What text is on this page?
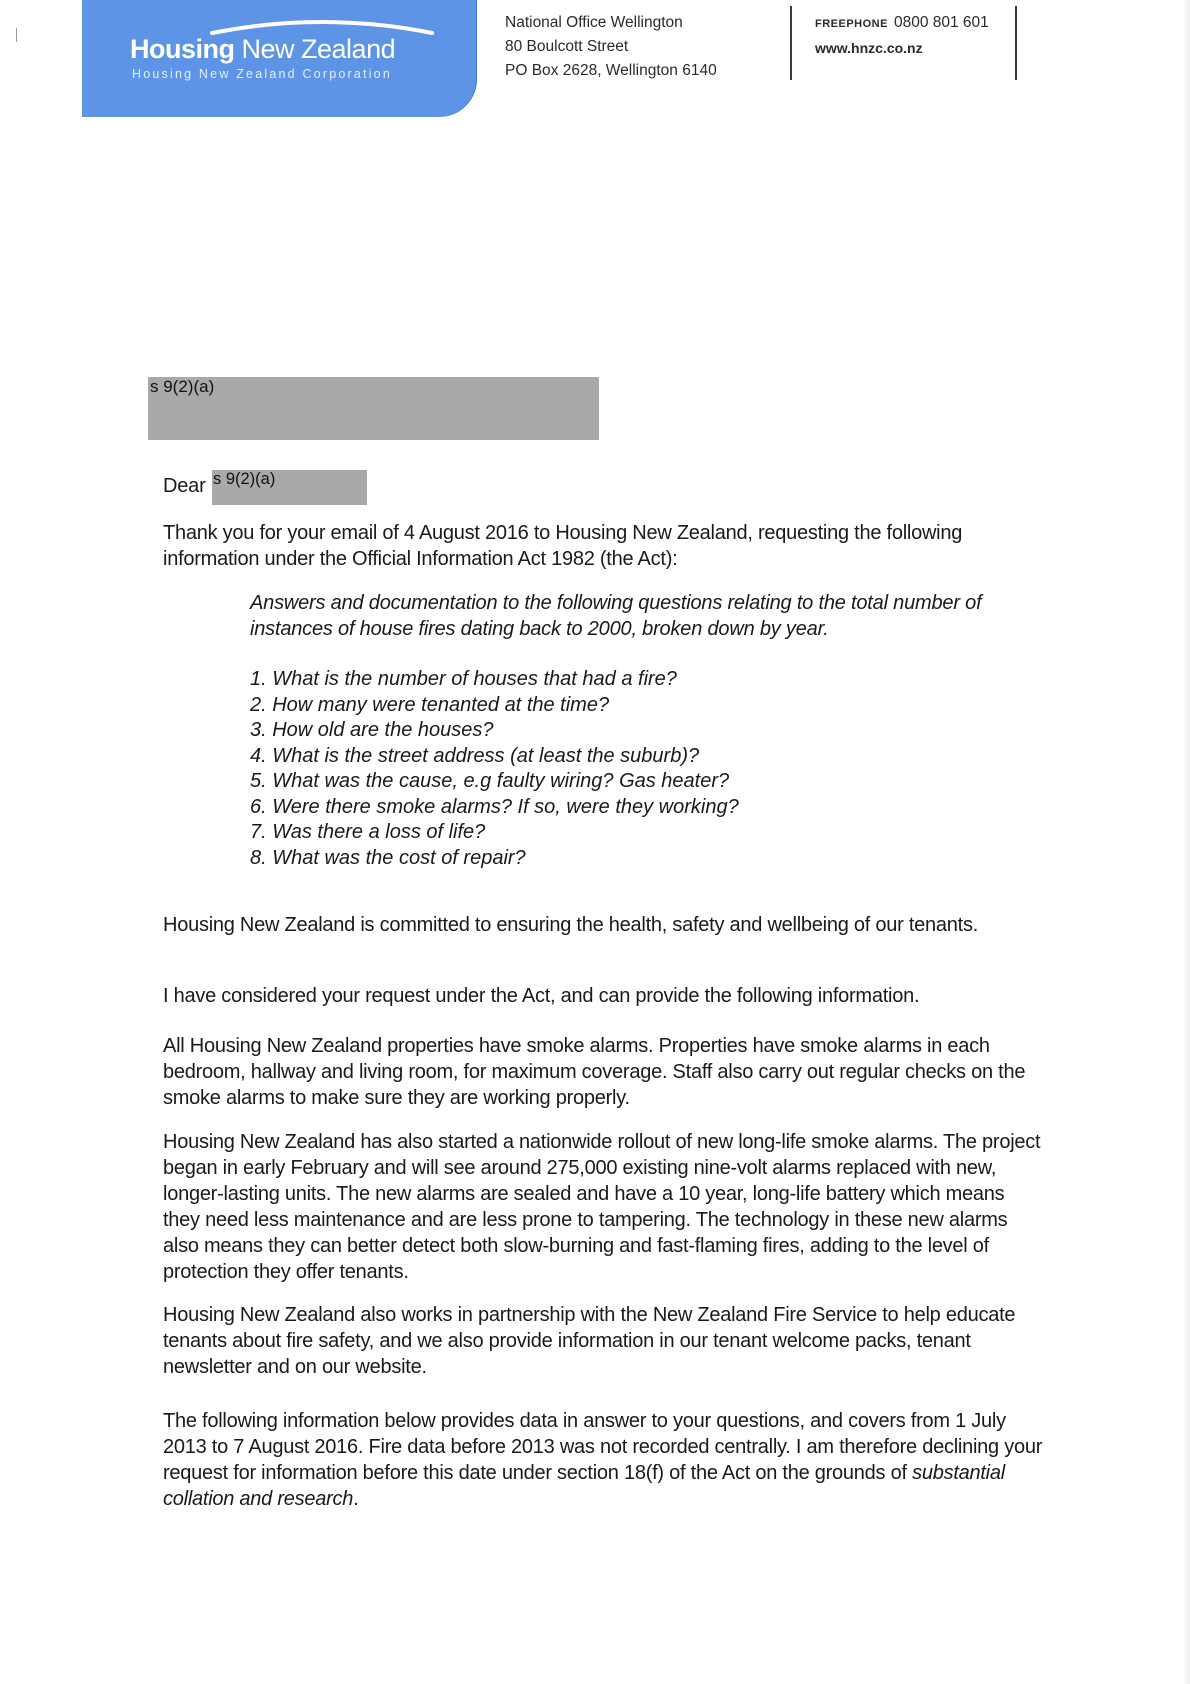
Housing New Zealand
Housing New Zealand Corporation
National Office Wellington
80 Boulcott Street
PO Box 2628, Wellington 6140
FREEPHONE 0800 801 601
www.hnzc.co.nz
s 9(2)(a)
Dear s 9(2)(a)

Thank you for your email of 4 August 2016 to Housing New Zealand, requesting the following information under the Official Information Act 1982 (the Act):

Answers and documentation to the following questions relating to the total number of instances of house fires dating back to 2000, broken down by year.
1. What is the number of houses that had a fire?
2. How many were tenanted at the time?
3. How old are the houses?
4. What is the street address (at least the suburb)?
5. What was the cause, e.g faulty wiring? Gas heater?
6. Were there smoke alarms? If so, were they working?
7. Was there a loss of life?
8. What was the cost of repair?

Housing New Zealand is committed to ensuring the health, safety and wellbeing of our tenants.

I have considered your request under the Act, and can provide the following information.

All Housing New Zealand properties have smoke alarms. Properties have smoke alarms in each bedroom, hallway and living room, for maximum coverage. Staff also carry out regular checks on the smoke alarms to make sure they are working properly.

Housing New Zealand has also started a nationwide rollout of new long-life smoke alarms. The project began in early February and will see around 275,000 existing nine-volt alarms replaced with new, longer-lasting units. The new alarms are sealed and have a 10 year, long-life battery which means they need less maintenance and are less prone to tampering. The technology in these new alarms also means they can better detect both slow-burning and fast-flaming fires, adding to the level of protection they offer tenants.

Housing New Zealand also works in partnership with the New Zealand Fire Service to help educate tenants about fire safety, and we also provide information in our tenant welcome packs, tenant newsletter and on our website.

The following information below provides data in answer to your questions, and covers from 1 July 2013 to 7 August 2016. Fire data before 2013 was not recorded centrally. I am therefore declining your request for information before this date under section 18(f) of the Act on the grounds of substantial collation and research.
